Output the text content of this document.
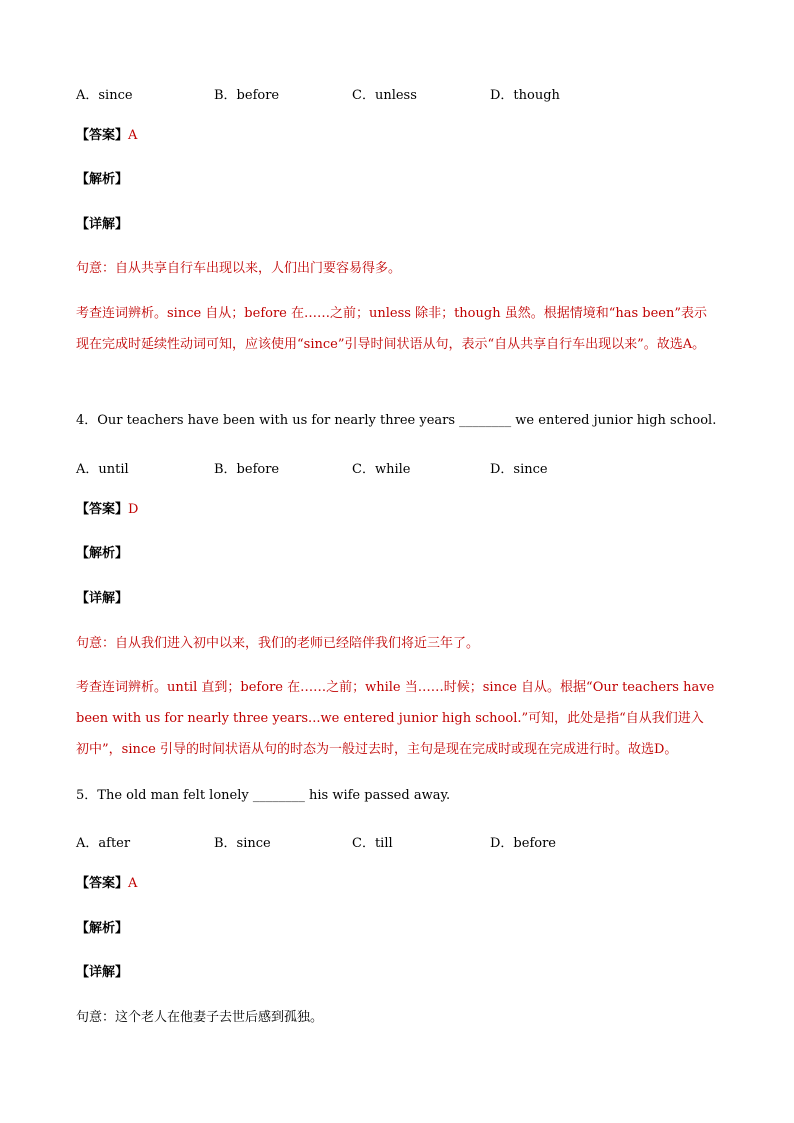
A．since	B．before	C．unless	D．though
【答案】A
【解析】
【详解】
句意：自从共享自行车出现以来，人们出门要容易得多。
考查连词辨析。since 自从；before 在……之前；unless 除非；though 虽然。根据情境和“has been”表示现在完成时延续性动词可知，应该使用“since”引导时间状语从句，表示“自从共享自行车出现以来”。故选A。
4．Our teachers have been with us for nearly three years ________ we entered junior high school.
A．until	B．before	C．while	D．since
【答案】D
【解析】
【详解】
句意：自从我们进入初中以来，我们的老师已经陪伴我们将近三年了。
考查连词辨析。until 直到；before 在……之前；while 当……时候；since 自从。根据“Our teachers have been with us for nearly three years...we entered junior high school.”可知，此处是指“自从我们进入初中”，since 引导的时间状语从句的时态为一般过去时，主句是现在完成时或现在完成进行时。故选D。
5．The old man felt lonely ________ his wife passed away.
A．after	B．since	C．till	D．before
【答案】A
【解析】
【详解】
句意：这个老人在他妻子去世后感到孤独。
